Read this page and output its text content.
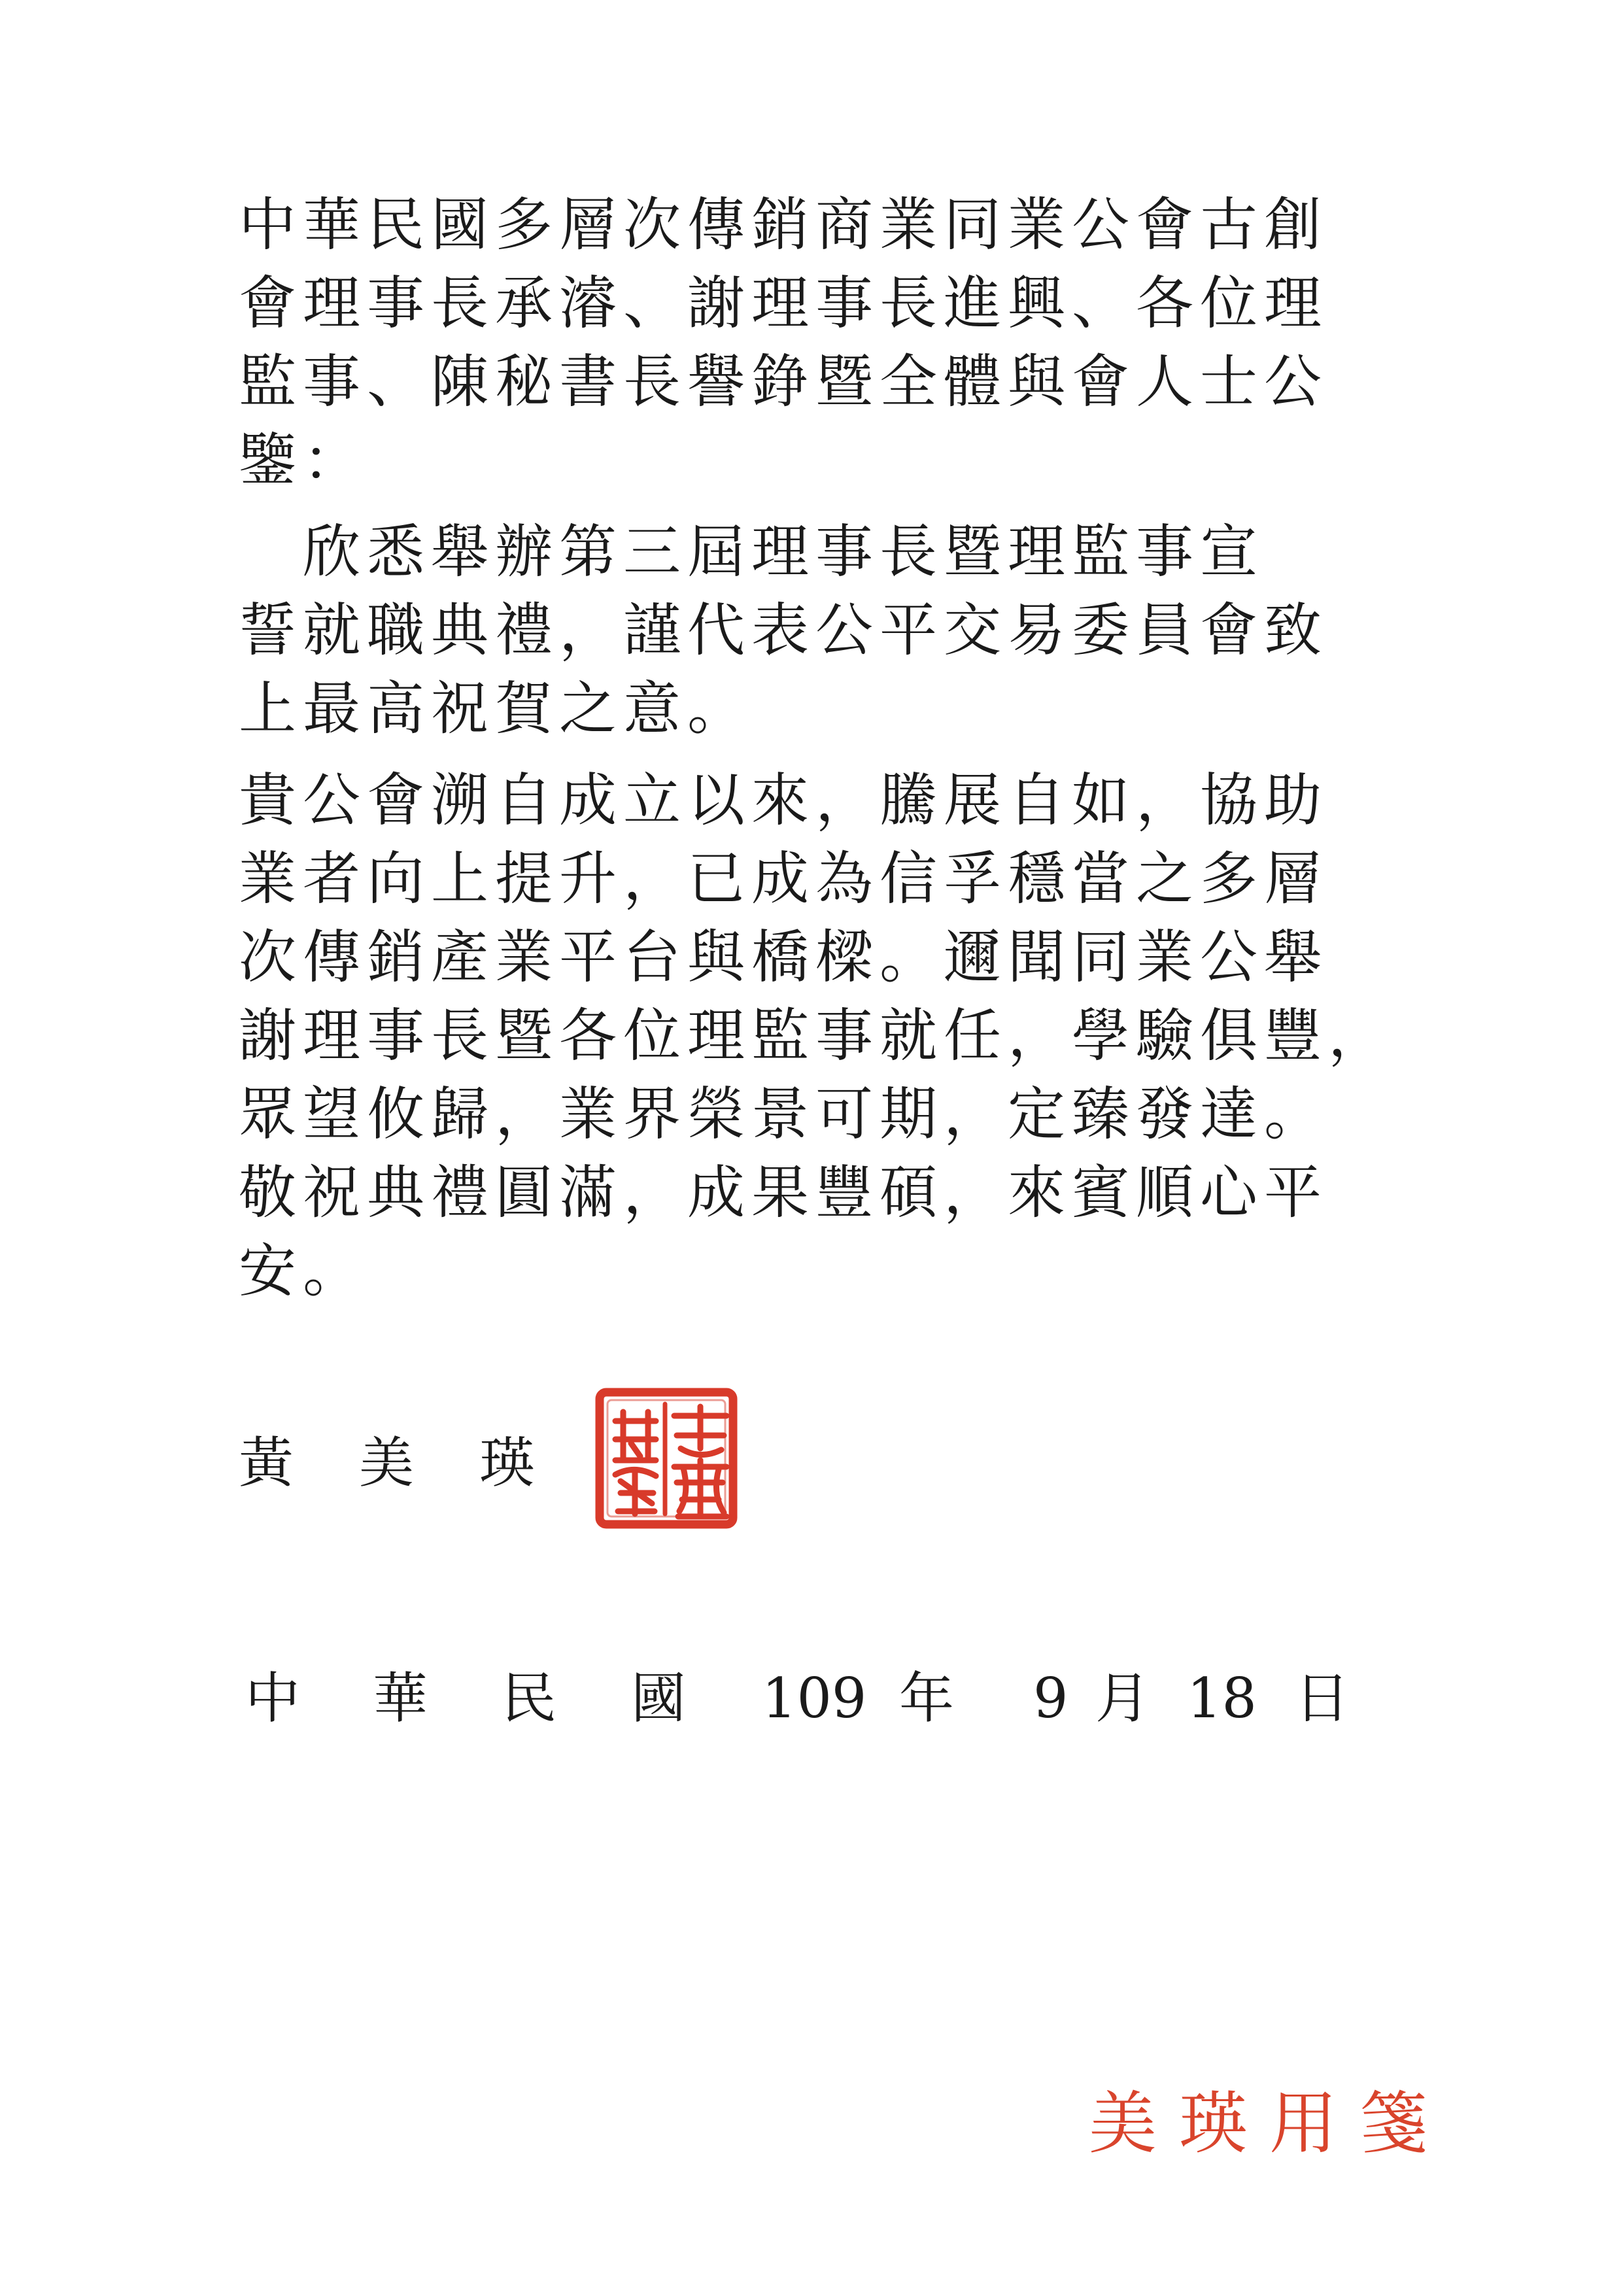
中華民國多層次傳銷商業同業公會古創
會理事長承濬、謝理事長進興、各位理
監事、陳秘書長譽錚暨全體與會人士公
鑒：
　欣悉舉辦第三屆理事長暨理監事宣
誓就職典禮，謹代表公平交易委員會致
上最高祝賀之意。
貴公會溯自成立以來，騰展自如，協助
業者向上提升，已成為信孚穩當之多層
次傳銷產業平台與橋樑。邇聞同業公舉
謝理事長暨各位理監事就任，學驗俱豐，
眾望攸歸，業界榮景可期，定臻發達。
敬祝典禮圓滿，成果豐碩，來賓順心平
安。
黃美瑛
中 華 民 國 109 年 9 月 18 日
美瑛用箋
